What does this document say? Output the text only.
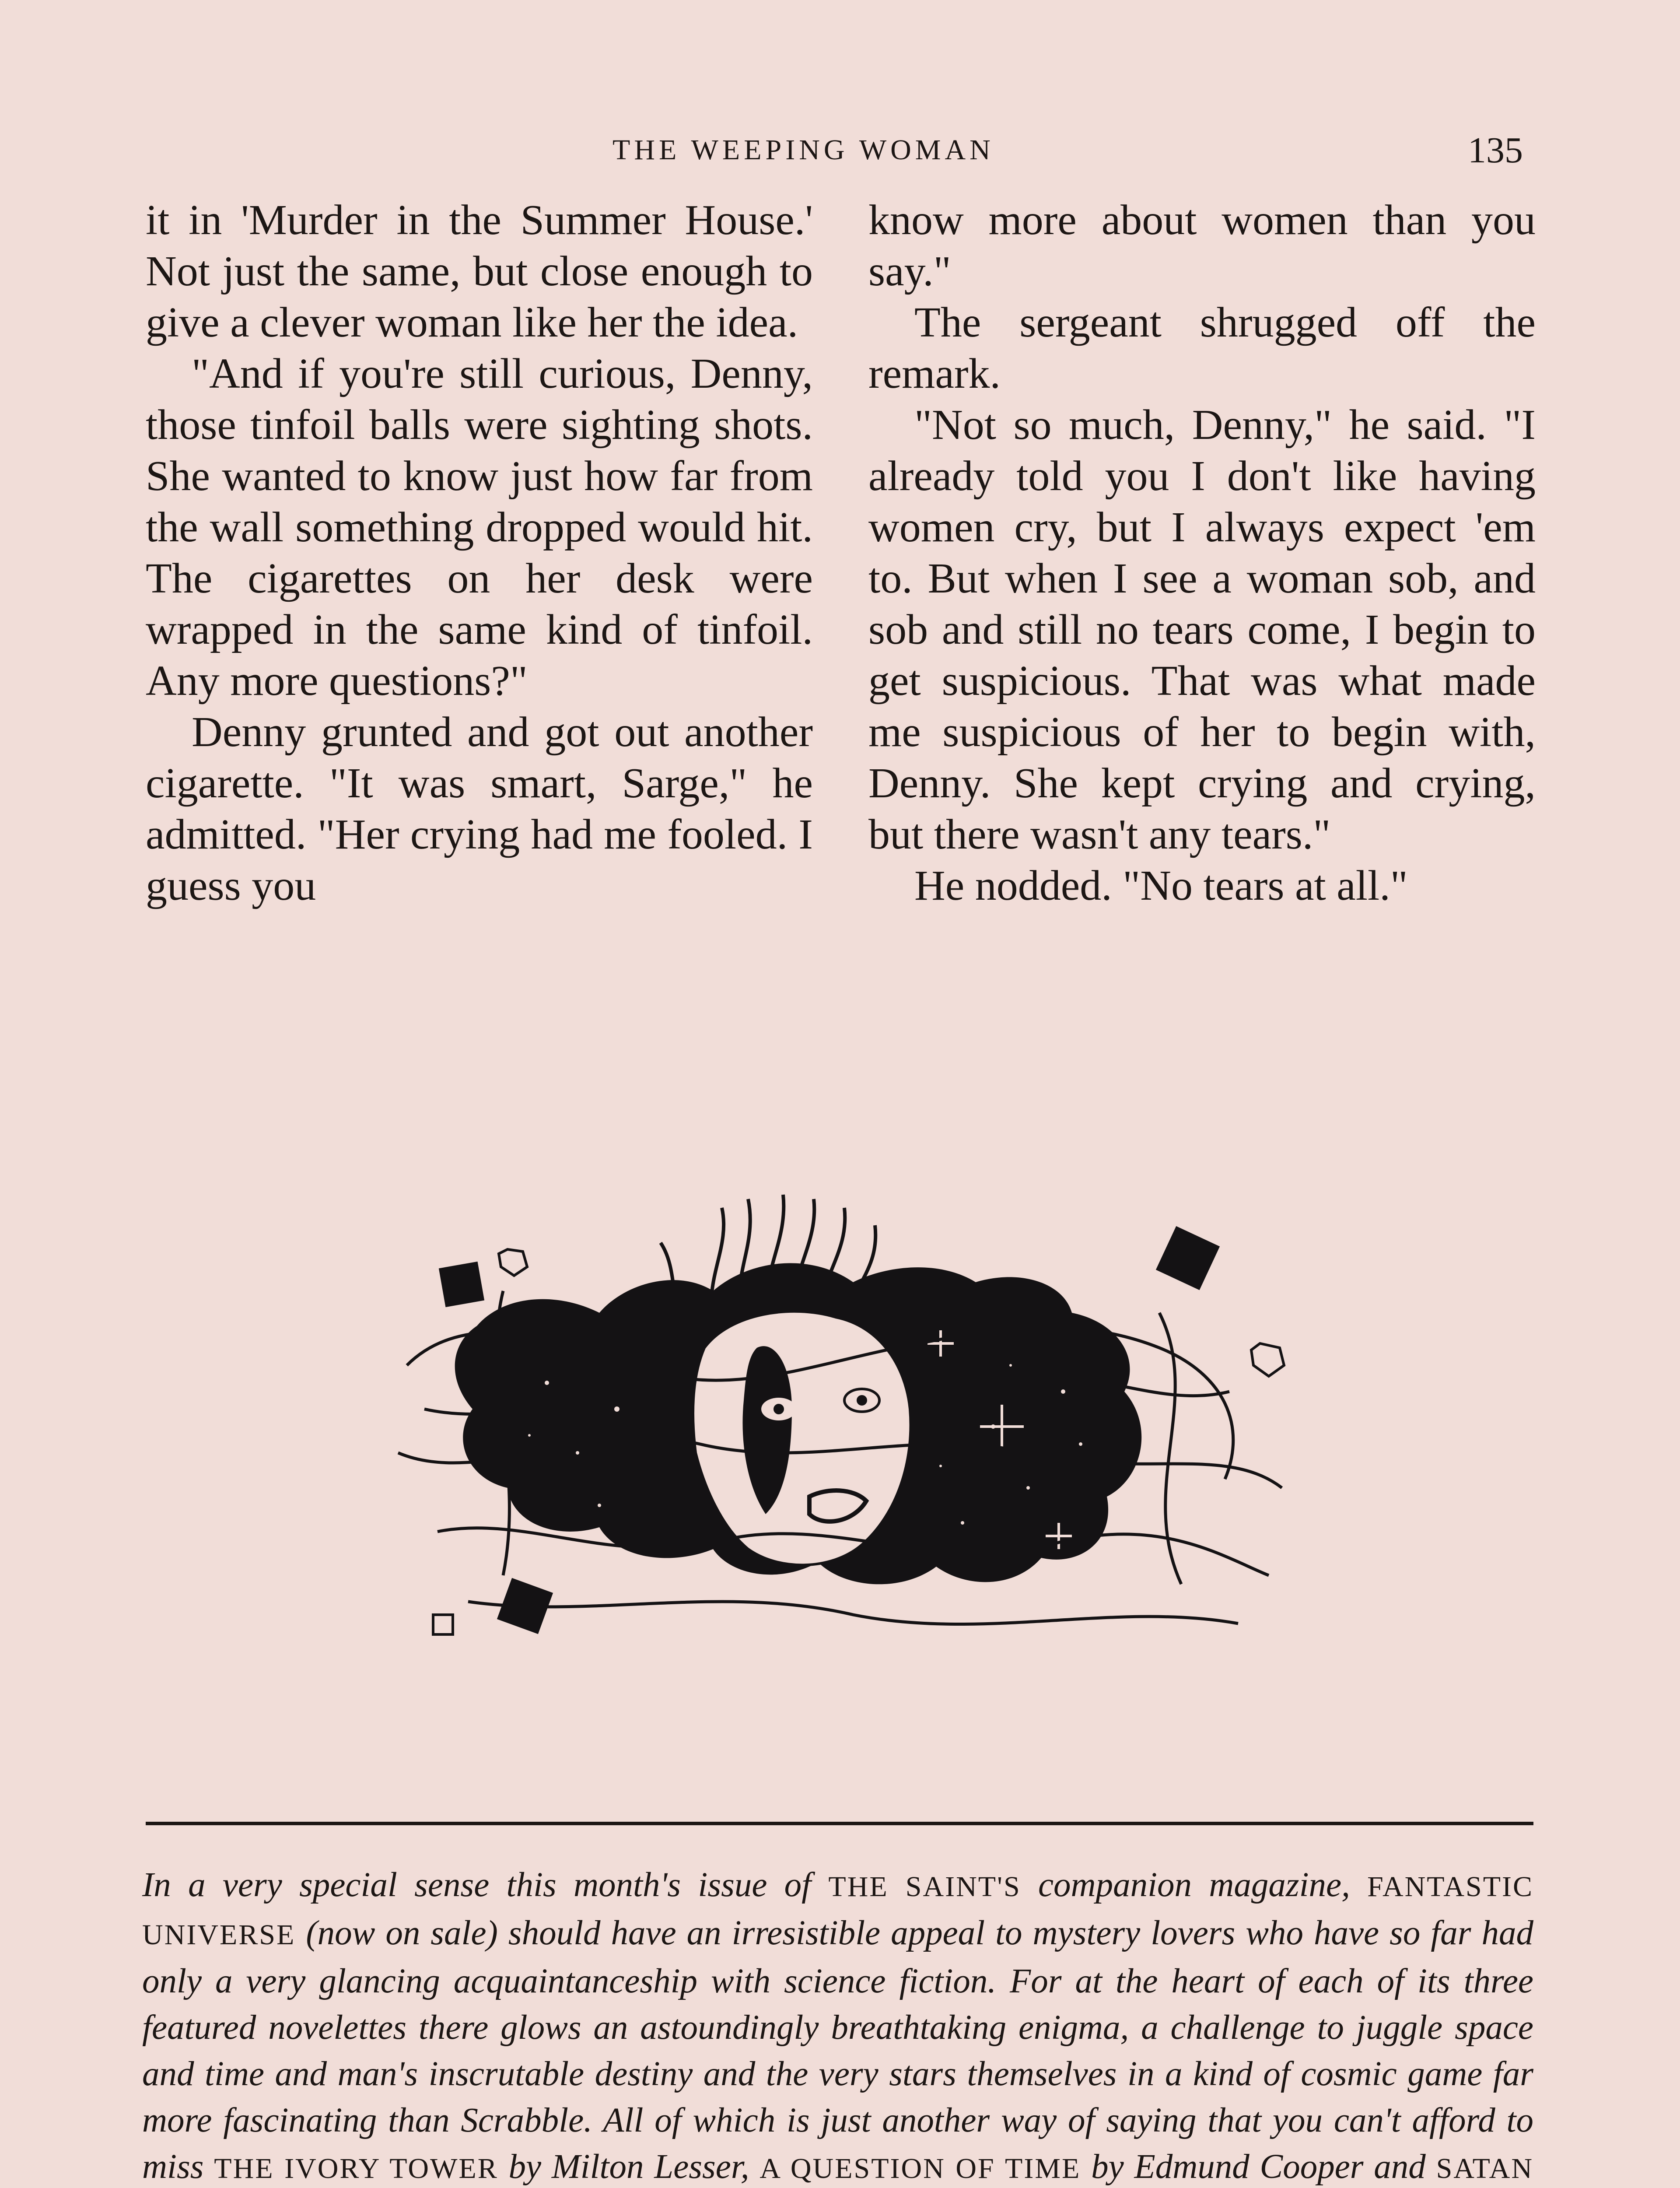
THE WEEPING WOMAN	135

it in 'Murder in the Summer House.' Not just the same, but close enough to give a clever woman like her the idea.

"And if you're still curious, Denny, those tinfoil balls were sighting shots. She wanted to know just how far from the wall something dropped would hit. The cigarettes on her desk were wrapped in the same kind of tinfoil. Any more questions?"

Denny grunted and got out another cigarette. "It was smart, Sarge," he admitted. "Her crying had me fooled. I guess you

know more about women than you say."

The sergeant shrugged off the remark.

"Not so much, Denny," he said. "I already told you I don't like having women cry, but I always expect 'em to. But when I see a woman sob, and sob and still no tears come, I begin to get suspicious. That was what made me suspicious of her to begin with, Denny. She kept crying and crying, but there wasn't any tears."

He nodded. "No tears at all."

In a very special sense this month's issue of THE SAINT'S companion magazine, FANTASTIC UNIVERSE (now on sale) should have an irresistible appeal to mystery lovers who have so far had only a very glancing acquaintanceship with science fiction. For at the heart of each of its three featured novelettes there glows an astoundingly breathtaking enigma, a challenge to juggle space and time and man's inscrutable destiny and the very stars themselves in a kind of cosmic game far more fascinating than Scrabble. All of which is just another way of saying that you can't afford to miss THE IVORY TOWER by Milton Lesser, A QUESTION OF TIME by Edmund Cooper and SATAN
